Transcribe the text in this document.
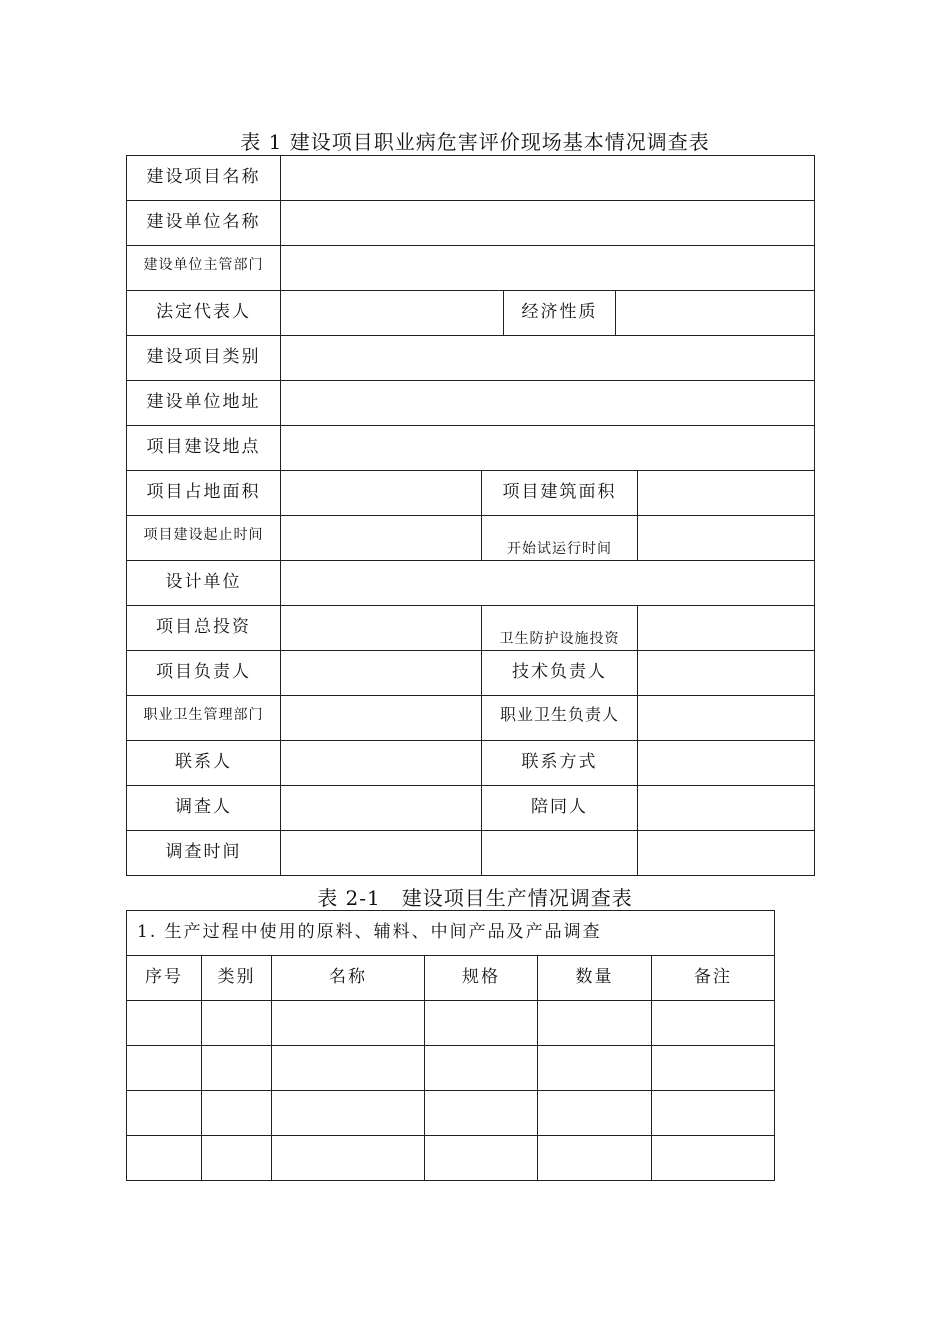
表 1 建设项目职业病危害评价现场基本情况调查表
建设项目名称					
建设单位名称					
建设单位主管部门					
法定代表人			经济性质		
建设项目类别					
建设单位地址					
项目建设地点					
项目占地面积		项目建筑面积			
项目建设起止时间		开始试运行时间			
设计单位					
项目总投资		卫生防护设施投资			
项目负责人		技术负责人			
职业卫生管理部门		职业卫生负责人			
联系人		联系方式			
调查人		陪同人			
调查时间					
表 2-1　建设项目生产情况调查表
1. 生产过程中使用的原料、辅料、中间产品及产品调查					
序号	类别	名称	规格	数量	备注
